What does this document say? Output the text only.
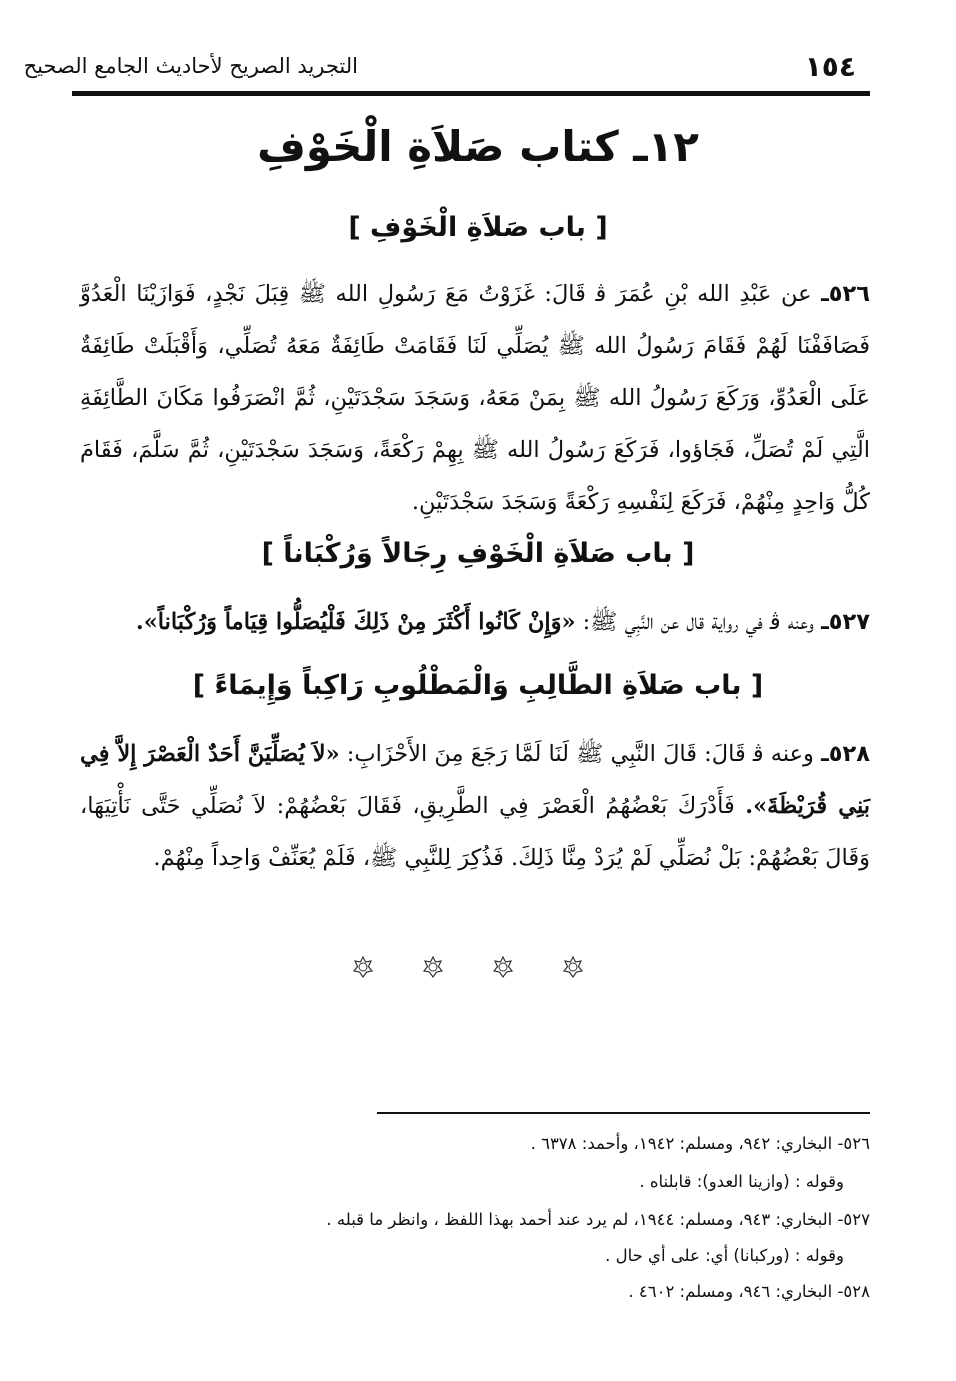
التجريد الصريح لأحاديث الجامع الصحيح	١٥٤
١٢ـ كتاب صَلاَةِ الْخَوْفِ
[ باب صَلاَةِ الْخَوْفِ ]
٥٢٦ـ عن عَبْدِ الله بْنِ عُمَرَ ﭬ قَالَ: غَزَوْتُ مَعَ رَسُولِ الله ﷺ قِبَلَ نَجْدٍ، فَوَازَيْنَا الْعَدُوَّ فَصَافَفْنَا لَهُمْ فَقَامَ رَسُولُ الله ﷺ يُصَلِّي لَنَا فَقَامَتْ طَائِفَةٌ مَعَهُ تُصَلِّي، وَأَقْبَلَتْ طَائِفَةٌ عَلَى الْعَدُوِّ، وَرَكَعَ رَسُولُ الله ﷺ بِمَنْ مَعَهُ، وَسَجَدَ سَجْدَتَيْنِ، ثُمَّ انْصَرَفُوا مَكَانَ الطَّائِفَةِ الَّتِي لَمْ تُصَلِّ، فَجَاؤوا، فَرَكَعَ رَسُولُ الله ﷺ بِهِمْ رَكْعَةً، وَسَجَدَ سَجْدَتَيْنِ، ثُمَّ سَلَّمَ، فَقَامَ كُلُّ وَاحِدٍ مِنْهُمْ، فَرَكَعَ لِنَفْسِهِ رَكْعَةً وَسَجَدَ سَجْدَتَيْنِ.
[ باب صَلاَةِ الْخَوْفِ رِجَالاً وَرُكْبَاناً ]
٥٢٧ـ وعنه ﭬ في رواية قال عن النَّبِي ﷺ: «وَإِنْ كَانُوا أَكْثَرَ مِنْ ذَلِكَ فَلْيُصَلُّوا قِيَاماً وَرُكْبَاناً».
[ باب صَلاَةِ الطَّالِبِ وَالْمَطْلُوبِ رَاكِباً وَإِيمَاءً ]
٥٢٨ـ وعنه ﭬ قَالَ: قَالَ النَّبِي ﷺ لَنَا لَمَّا رَجَعَ مِنَ الأَحْزَابِ: «لاَ يُصَلِّيَنَّ أَحَدٌ الْعَصْرَ إِلاَّ فِي بَنِي قُرَيْظَةَ». فَأَدْرَكَ بَعْضُهُمُ الْعَصْرَ فِي الطَّرِيقِ، فَقَالَ بَعْضُهُمْ: لاَ نُصَلِّي حَتَّى نَأْتِيَهَا، وَقَالَ بَعْضُهُمْ: بَلْ نُصَلِّي لَمْ يُرَدْ مِنَّا ذَلِكَ. فَذُكِرَ لِلنَّبِي ﷺ، فَلَمْ يُعَنِّفْ وَاحِداً مِنْهُمْ.
٥٢٦- البخاري: ٩٤٢، ومسلم: ١٩٤٢، وأحمد: ٦٣٧٨ .
وقوله : (وازينا العدو): قابلناه .
٥٢٧- البخاري: ٩٤٣، ومسلم: ١٩٤٤، لم يرد عند أحمد بهذا اللفظ ، وانظر ما قبله .
وقوله : (وركبانا) أي: على أي حال .
٥٢٨- البخاري: ٩٤٦، ومسلم: ٤٦٠٢ .
